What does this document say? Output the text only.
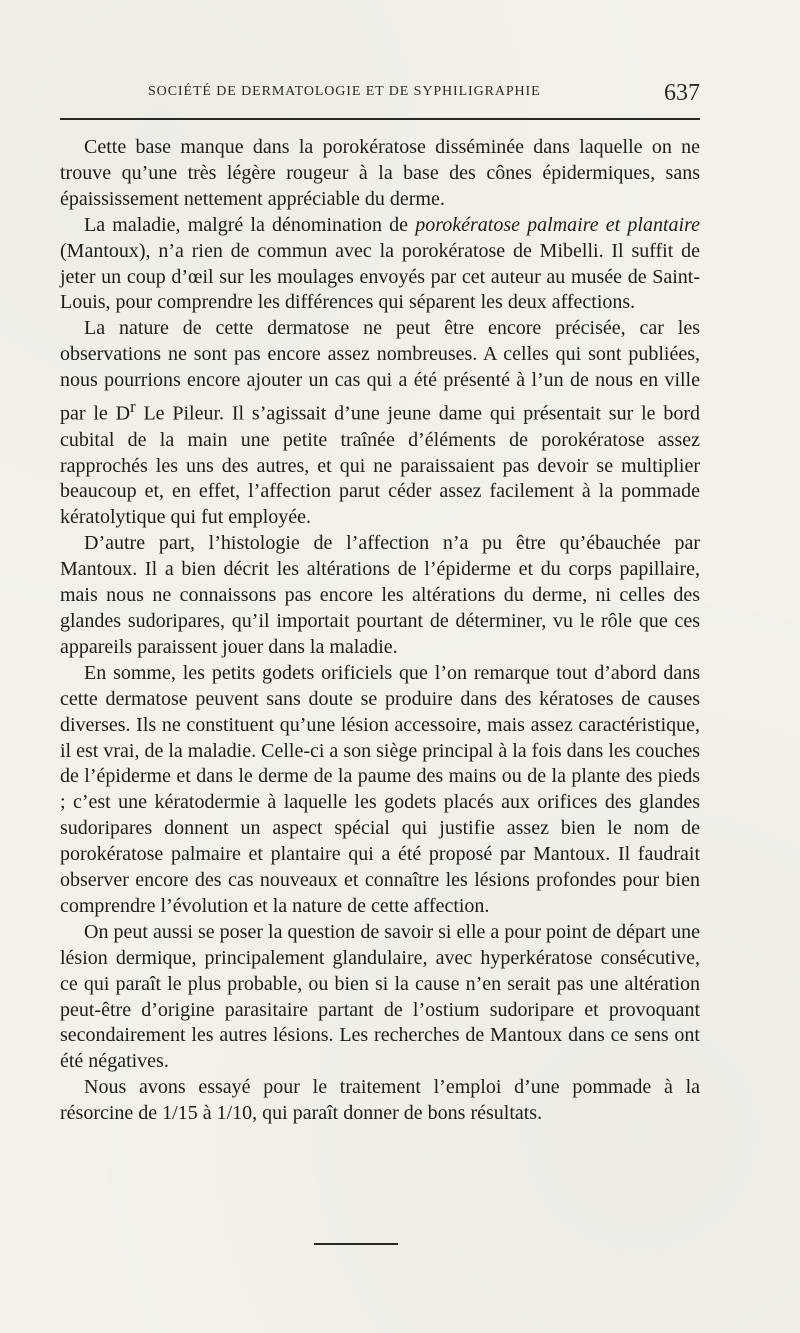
SOCIÉTÉ DE DERMATOLOGIE ET DE SYPHILIGRAPHIE	637

Cette base manque dans la porokératose disséminée dans laquelle on ne trouve qu’une très légère rougeur à la base des cônes épidermiques, sans épaississement nettement appréciable du derme.

La maladie, malgré la dénomination de porokératose palmaire et plantaire (Mantoux), n’a rien de commun avec la porokératose de Mibelli. Il suffit de jeter un coup d’œil sur les moulages envoyés par cet auteur au musée de Saint-Louis, pour comprendre les différences qui séparent les deux affections.

La nature de cette dermatose ne peut être encore précisée, car les observations ne sont pas encore assez nombreuses. A celles qui sont publiées, nous pourrions encore ajouter un cas qui a été présenté à l’un de nous en ville par le $D^r$ Le Pileur. Il s’agissait d’une jeune dame qui présentait sur le bord cubital de la main une petite traînée d’éléments de porokératose assez rapprochés les uns des autres, et qui ne paraissaient pas devoir se multiplier beaucoup et, en effet, l’affection parut céder assez facilement à la pommade kératolytique qui fut employée.

D’autre part, l’histologie de l’affection n’a pu être qu’ébauchée par Mantoux. Il a bien décrit les altérations de l’épiderme et du corps papillaire, mais nous ne connaissons pas encore les altérations du derme, ni celles des glandes sudoripares, qu’il importait pourtant de déterminer, vu le rôle que ces appareils paraissent jouer dans la maladie.

En somme, les petits godets orificiels que l’on remarque tout d’abord dans cette dermatose peuvent sans doute se produire dans des kératoses de causes diverses. Ils ne constituent qu’une lésion accessoire, mais assez caractéristique, il est vrai, de la maladie. Celle-ci a son siège principal à la fois dans les couches de l’épiderme et dans le derme de la paume des mains ou de la plante des pieds ; c’est une kératodermie à laquelle les godets placés aux orifices des glandes sudoripares donnent un aspect spécial qui justifie assez bien le nom de porokératose palmaire et plantaire qui a été proposé par Mantoux. Il faudrait observer encore des cas nouveaux et connaître les lésions profondes pour bien comprendre l’évolution et la nature de cette affection.

On peut aussi se poser la question de savoir si elle a pour point de départ une lésion dermique, principalement glandulaire, avec hyperkératose consécutive, ce qui paraît le plus probable, ou bien si la cause n’en serait pas une altération peut-être d’origine parasitaire partant de l’ostium sudoripare et provoquant secondairement les autres lésions. Les recherches de Mantoux dans ce sens ont été négatives.

Nous avons essayé pour le traitement l’emploi d’une pommade à la résorcine de 1/15 à 1/10, qui paraît donner de bons résultats.
